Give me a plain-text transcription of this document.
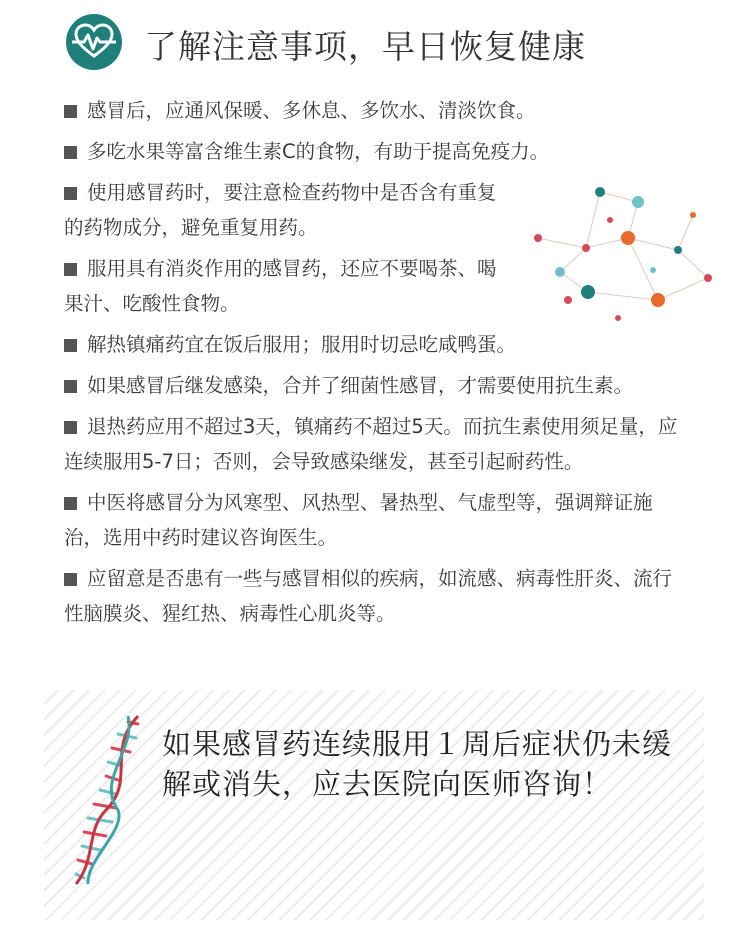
了解注意事项，早日恢复健康
感冒后，应通风保暖、多休息、多饮水、清淡饮食。
多吃水果等富含维生素C的食物，有助于提高免疫力。
使用感冒药时，要注意检查药物中是否含有重复的药物成分，避免重复用药。
服用具有消炎作用的感冒药，还应不要喝茶、喝果汁、吃酸性食物。
解热镇痛药宜在饭后服用；服用时切忌吃咸鸭蛋。
如果感冒后继发感染，合并了细菌性感冒，才需要使用抗生素。
退热药应用不超过3天，镇痛药不超过5天。而抗生素使用须足量，应连续服用5-7日；否则，会导致感染继发，甚至引起耐药性。
中医将感冒分为风寒型、风热型、暑热型、气虚型等，强调辩证施治，选用中药时建议咨询医生。
应留意是否患有一些与感冒相似的疾病，如流感、病毒性肝炎、流行性脑膜炎、猩红热、病毒性心肌炎等。
如果感冒药连续服用１周后症状仍未缓解或消失，应去医院向医师咨询！
